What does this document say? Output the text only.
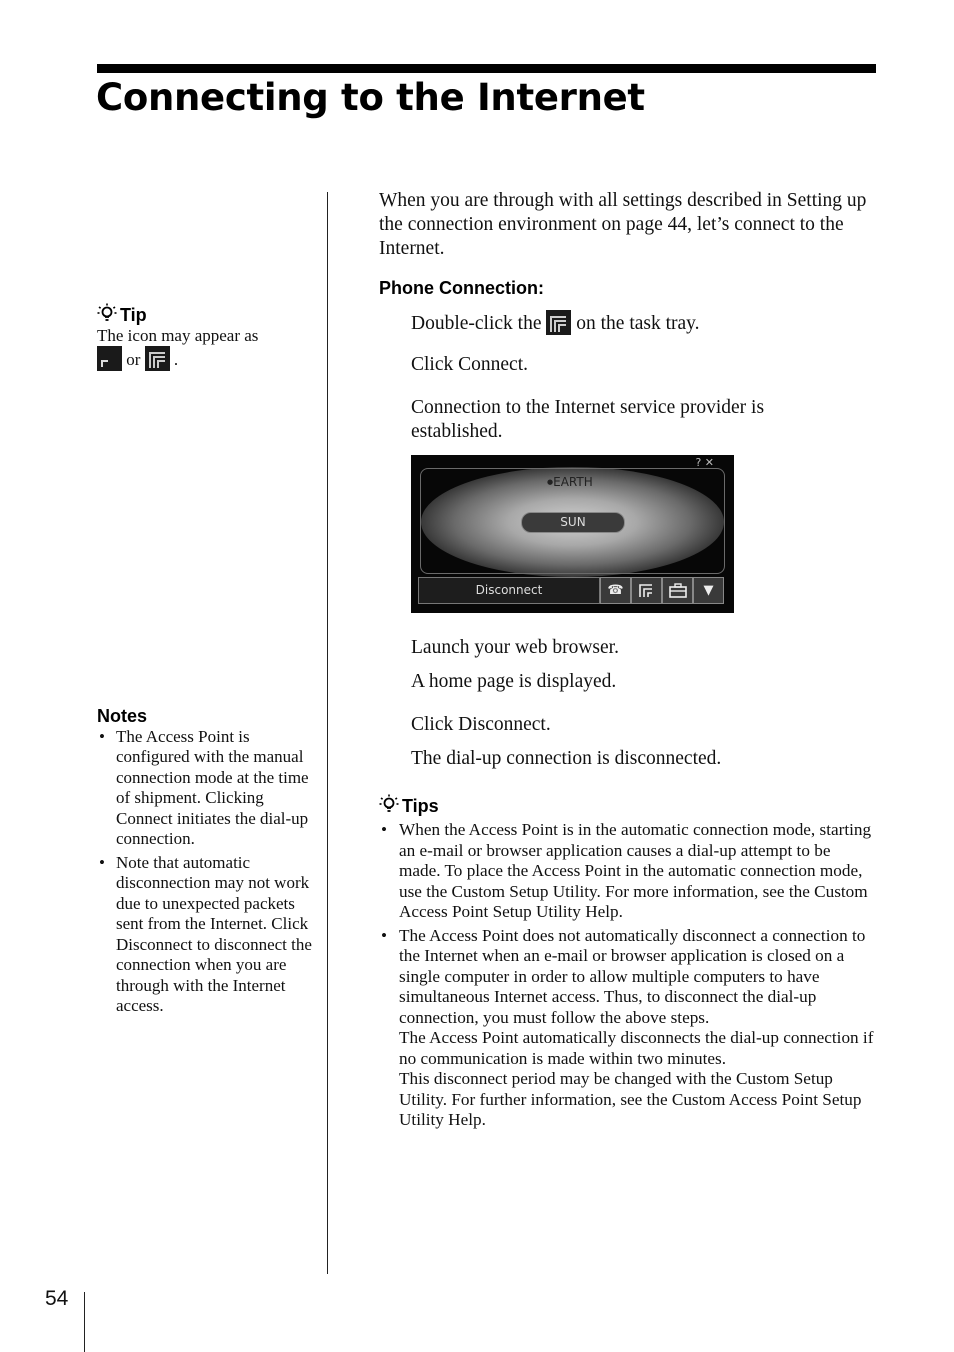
Connecting to the Internet
Tip
The icon may appear as
or .
Notes
• The Access Point is configured with the manual connection mode at the time of shipment. Clicking Connect initiates the dial-up connection.
• Note that automatic disconnection may not work due to unexpected packets sent from the Internet. Click Disconnect to disconnect the connection when you are through with the Internet access.
When you are through with all settings described in Setting up the connection environment on page 44, let’s connect to the Internet.
Phone Connection:
Double-click the on the task tray.
Click Connect.
Connection to the Internet service provider is established.
? ✕
●EARTH
SUN
Disconnect	☎	▼
Launch your web browser.
A home page is displayed.
Click Disconnect.
The dial-up connection is disconnected.
Tips

• When the Access Point is in the automatic connection mode, starting an e-mail or browser application causes a dial-up attempt to be made. To place the Access Point in the automatic connection mode, use the Custom Setup Utility. For more information, see the Custom Access Point Setup Utility Help.

• The Access Point does not automatically disconnect a connection to the Internet when an e-mail or browser application is closed on a single computer in order to allow multiple computers to have simultaneous Internet access. Thus, to disconnect the dial-up connection, you must follow the above steps.

The Access Point automatically disconnects the dial-up connection if no communication is made within two minutes.

This disconnect period may be changed with the Custom Setup Utility. For further information, see the Custom Access Point Setup Utility Help.

54
